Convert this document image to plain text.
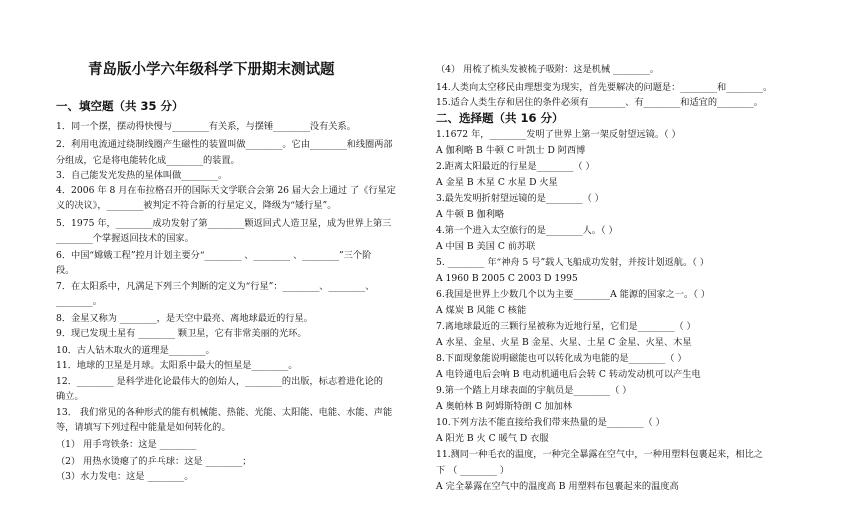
青岛版小学六年级科学下册期末测试题
一、填空题（共 35 分）
1．同一个摆，摆动得快慢与________有关系，与摆锤________没有关系。
2．利用电流通过绕制线圈产生磁性的装置叫做________。它由________和线圈两部
分组成，它是将电能转化成________的装置。
3．自己能发光发热的星体叫做________。
4．2006 年 8 月在布拉格召开的国际天文学联合会第 26 届大会上通过 了《行星定
义的决议》，________被判定不符合新的行星定义，降级为“矮行星”。
5．1975 年，________成功发射了第________颗返回式人造卫星，成为世界上第三
________个掌握返回技术的国家。
6．中国“嫦娥工程”控月计划主要分“________ 、________ 、________”三个阶
段。
7．在太阳系中，凡满足下列三个判断的定义为“行星”：________、________、
________。
8．金星又称为 ________，是天空中最亮、离地球最近的行星。
9．现已发现土星有 ________ 颗卫星，它有非常美丽的光环。
10．古人钻木取火的道理是________。
11．地球的卫星是月球。太阳系中最大的恒星是________。
12．________ 是科学进化论最伟大的创始人，________的出版，标志着进化论的
确立。
13． 我们常见的各种形式的能有机械能、热能、光能、太阳能、电能、水能、声能
等，请填写下列过程中能量是如何转化的。
（1） 用手弯铁条：这是 ________
（2） 用热水烫瘪了的乒乓球：这是 ________；
（3）水力发电：这是 ________。
（4） 用梳了梳头发被梳子吸附：这是机械 ________。
14.人类向太空移民由理想变为现实，首先要解决的问题是：________和________。
15.适合人类生存和居住的条件必须有________、有________和适宜的________。
二、选择题（共 16 分）
1.1672 年，________发明了世界上第一架反射望远镜。（ ）
A 伽利略 B 牛顿 C 叶凯士 D 阿西博
2.距离太阳最近的行星是________（ ）
A 金星 B 木星 C 水星 D 火星
3.最先发明折射望远镜的是________（ ）
A 牛顿 B 伽利略
4.第一个进入太空旅行的是________人。（ ）
A 中国 B 美国 C 前苏联
5. ________ 年“神舟 5 号”载人飞船成功发射，并按计划返航。（ ）
A 1960 B 2005 C 2003 D 1995
6.我国是世界上少数几个以为主要________A 能源的国家之一。（ ）
A 煤炭 B 风能 C 核能
7.离地球最近的三颗行星被称为近地行星，它们是________（ ）
A 水星、金星、火星 B 金星、火星、土星 C 金星、火星、木星
8.下面现象能说明磁能也可以转化成为电能的是________（ ）
A 电铃通电后会响 B 电动机通电后会转 C 转动发动机可以产生电
9.第一个踏上月球表面的宇航员是________（ ）
A 奥帕林 B 阿姆斯特朗 C 加加林
10.下列方法不能直接给我们带来热量的是________（ ）
A 阳光 B 火 C 暖气 D 衣服
11.测同一种毛衣的温度，一种完全暴露在空气中，一种用塑料包裹起来，相比之
下 （ ________ ）
A 完全暴露在空气中的温度高 B 用塑料布包裹起来的温度高
